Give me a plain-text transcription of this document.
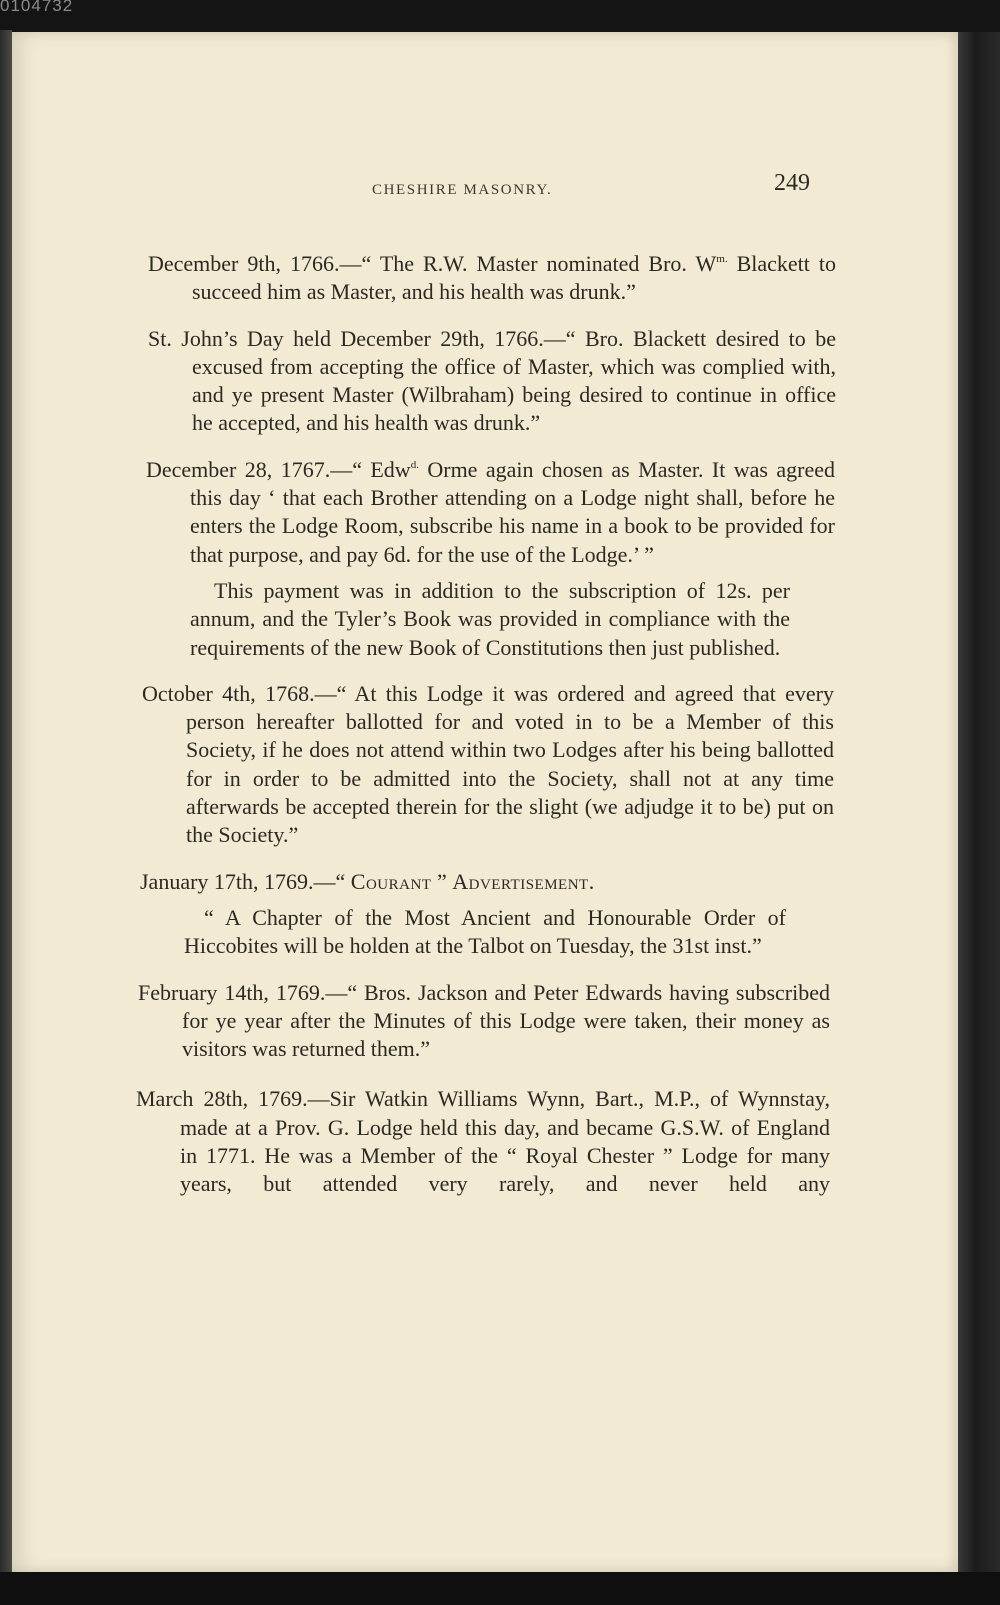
0104732
CHESHIRE MASONRY.	249

December 9th, 1766.—“ The R.W. Master nominated Bro. $W^{m.}$ Blackett to succeed him as Master, and his health was drunk.”

St. John’s Day held December 29th, 1766.—“ Bro. Blackett desired to be excused from accepting the office of Master, which was complied with, and ye present Master (Wilbraham) being desired to continue in office he accepted, and his health was drunk.”

December 28, 1767.—“ Edw$^{d.}$ Orme again chosen as Master. It was agreed this day ‘ that each Brother attending on a Lodge night shall, before he enters the Lodge Room, subscribe his name in a book to be provided for that purpose, and pay 6d. for the use of the Lodge.’ ”

This payment was in addition to the subscription of 12s. per annum, and the Tyler’s Book was provided in compliance with the requirements of the new Book of Constitutions then just published.

October 4th, 1768.—“ At this Lodge it was ordered and agreed that every person hereafter ballotted for and voted in to be a Member of this Society, if he does not attend within two Lodges after his being ballotted for in order to be admitted into the Society, shall not at any time afterwards be accepted therein for the slight (we adjudge it to be) put on the Society.”

January 17th, 1769.—“ Courant ” Advertisement.

“ A Chapter of the Most Ancient and Honourable Order of Hiccobites will be holden at the Talbot on Tuesday, the 31st inst.”

February 14th, 1769.—“ Bros. Jackson and Peter Edwards having subscribed for ye year after the Minutes of this Lodge were taken, their money as visitors was returned them.”

March 28th, 1769.—Sir Watkin Williams Wynn, Bart., M.P., of Wynnstay, made at a Prov. G. Lodge held this day, and became G.S.W. of England in 1771. He was a Member of the “ Royal Chester ” Lodge for many years, but attended very rarely, and never held any
